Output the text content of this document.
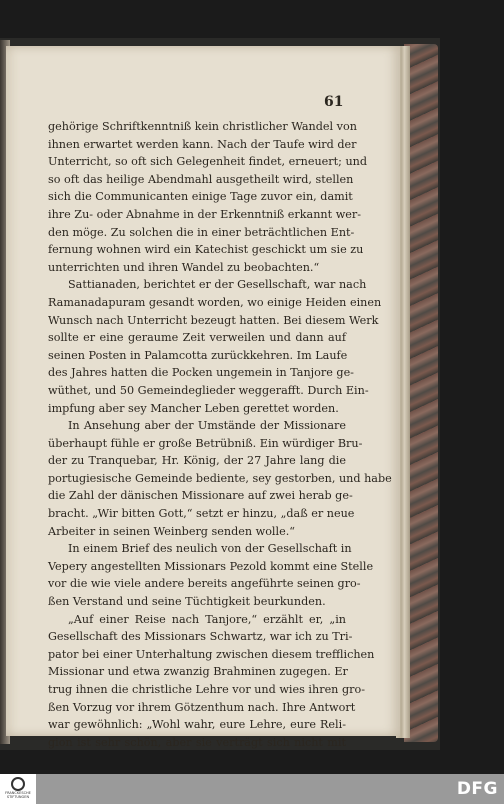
61
gehörige Schriftkenntniß kein christlicher Wandel von
ihnen erwartet werden kann. Nach der Taufe wird der
Unterricht, so oft sich Gelegenheit findet, erneuert; und
so oft das heilige Abendmahl ausgetheilt wird, stellen
sich die Communicanten einige Tage zuvor ein, damit
ihre Zu- oder Abnahme in der Erkenntniß erkannt wer-
den möge. Zu solchen die in einer beträchtlichen Ent-
fernung wohnen wird ein Katechist geschickt um sie zu
unterrichten und ihren Wandel zu beobachten.“
Sattianaden, berichtet er der Gesellschaft, war nach
Ramanadapuram gesandt worden, wo einige Heiden einen
Wunsch nach Unterricht bezeugt hatten. Bei diesem Werk
sollte er eine geraume Zeit verweilen und dann auf
seinen Posten in Palamcotta zurückkehren. Im Laufe
des Jahres hatten die Pocken ungemein in Tanjore ge-
wüthet, und 50 Gemeindeglieder weggerafft. Durch Ein-
impfung aber sey Mancher Leben gerettet worden.
In Ansehung aber der Umstände der Missionare
überhaupt fühle er große Betrübniß. Ein würdiger Bru-
der zu Tranquebar, Hr. König, der 27 Jahre lang die
portugiesische Gemeinde bediente, sey gestorben, und habe
die Zahl der dänischen Missionare auf zwei herab ge-
bracht. „Wir bitten Gott,“ setzt er hinzu, „daß er neue
Arbeiter in seinen Weinberg senden wolle.“
In einem Brief des neulich von der Gesellschaft in
Vepery angestellten Missionars Pezold kommt eine Stelle
vor die wie viele andere bereits angeführte seinen gro-
ßen Verstand und seine Tüchtigkeit beurkunden.
„Auf einer Reise nach Tanjore,“ erzählt er, „in
Gesellschaft des Missionars Schwartz, war ich zu Tri-
pator bei einer Unterhaltung zwischen diesem trefflichen
Missionar und etwa zwanzig Brahminen zugegen. Er
trug ihnen die christliche Lehre vor und wies ihren gro-
ßen Vorzug vor ihrem Götzenthum nach. Ihre Antwort
war gewöhnlich: „Wohl wahr, eure Lehre, eure Reli-
gion ist sehr schön, aber sie verträgt sich nicht mit
FRANCKESCHE STIFTUNGEN	DFG
